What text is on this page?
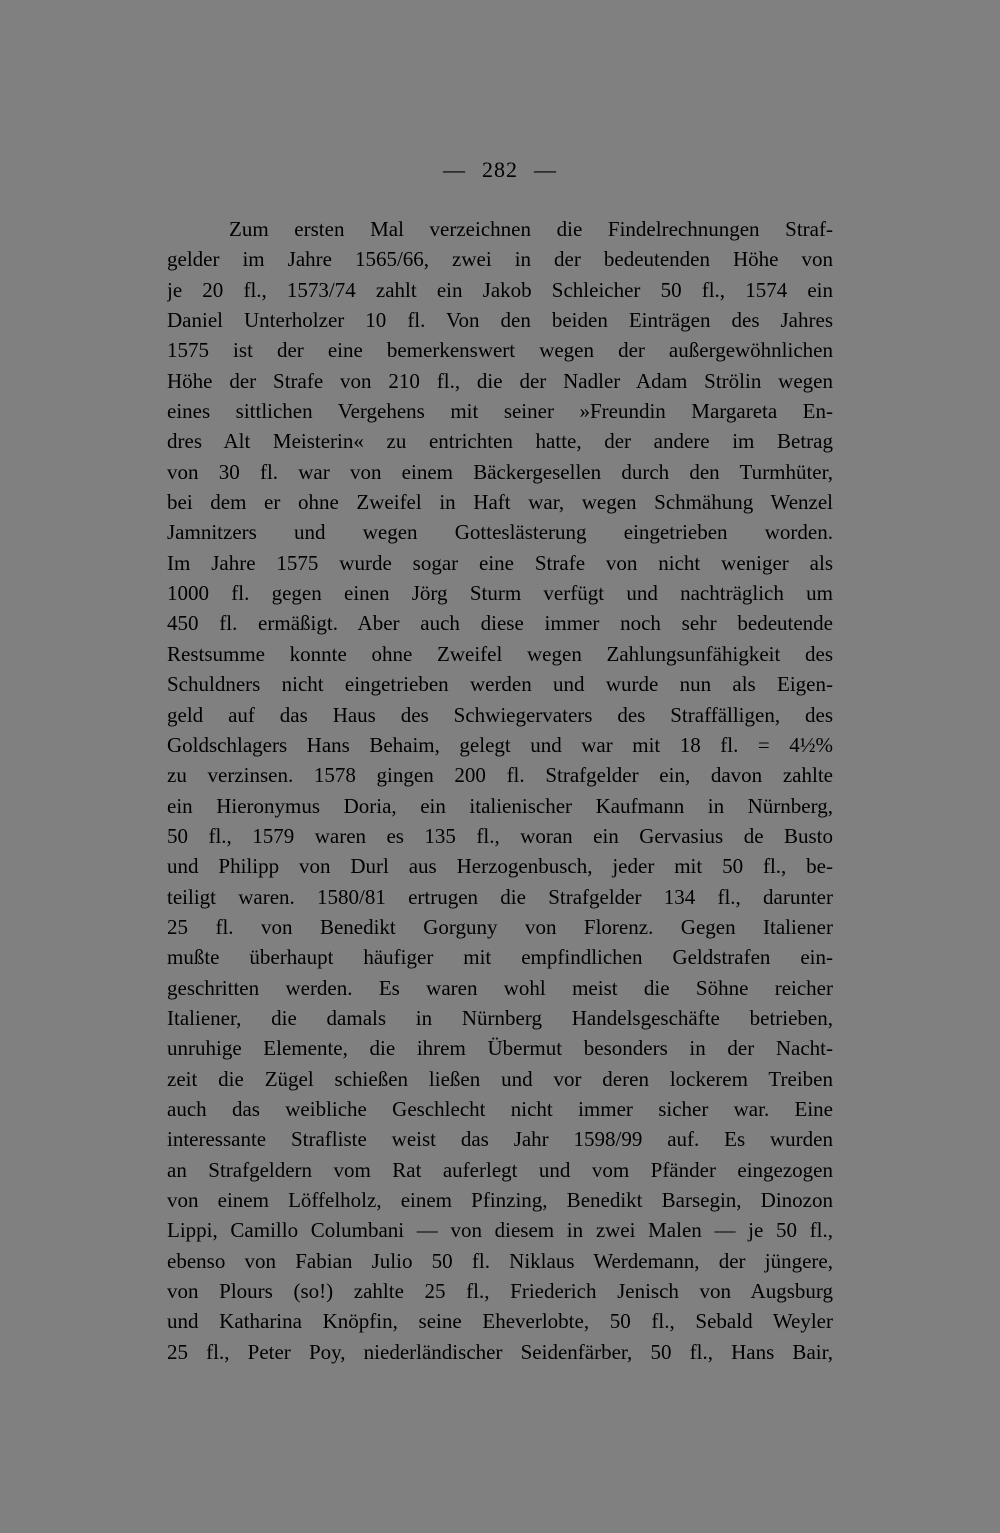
— 282 —
Zum ersten Mal verzeichnen die Findelrechnungen Straf-
gelder im Jahre 1565/66, zwei in der bedeutenden Höhe von
je 20 fl., 1573/74 zahlt ein Jakob Schleicher 50 fl., 1574 ein
Daniel Unterholzer 10 fl. Von den beiden Einträgen des Jahres
1575 ist der eine bemerkenswert wegen der außergewöhnlichen
Höhe der Strafe von 210 fl., die der Nadler Adam Strölin wegen
eines sittlichen Vergehens mit seiner »Freundin Margareta En-
dres Alt Meisterin« zu entrichten hatte, der andere im Betrag
von 30 fl. war von einem Bäckergesellen durch den Turmhüter,
bei dem er ohne Zweifel in Haft war, wegen Schmähung Wenzel
Jamnitzers und wegen Gotteslästerung eingetrieben worden.
Im Jahre 1575 wurde sogar eine Strafe von nicht weniger als
1000 fl. gegen einen Jörg Sturm verfügt und nachträglich um
450 fl. ermäßigt. Aber auch diese immer noch sehr bedeutende
Restsumme konnte ohne Zweifel wegen Zahlungsunfähigkeit des
Schuldners nicht eingetrieben werden und wurde nun als Eigen-
geld auf das Haus des Schwiegervaters des Straffälligen, des
Goldschlagers Hans Behaim, gelegt und war mit 18 fl. = 4½%
zu verzinsen. 1578 gingen 200 fl. Strafgelder ein, davon zahlte
ein Hieronymus Doria, ein italienischer Kaufmann in Nürnberg,
50 fl., 1579 waren es 135 fl., woran ein Gervasius de Busto
und Philipp von Durl aus Herzogenbusch, jeder mit 50 fl., be-
teiligt waren. 1580/81 ertrugen die Strafgelder 134 fl., darunter
25 fl. von Benedikt Gorguny von Florenz. Gegen Italiener
mußte überhaupt häufiger mit empfindlichen Geldstrafen ein-
geschritten werden. Es waren wohl meist die Söhne reicher
Italiener, die damals in Nürnberg Handelsgeschäfte betrieben,
unruhige Elemente, die ihrem Übermut besonders in der Nacht-
zeit die Zügel schießen ließen und vor deren lockerem Treiben
auch das weibliche Geschlecht nicht immer sicher war. Eine
interessante Strafliste weist das Jahr 1598/99 auf. Es wurden
an Strafgeldern vom Rat auferlegt und vom Pfänder eingezogen
von einem Löffelholz, einem Pfinzing, Benedikt Barsegin, Dinozon
Lippi, Camillo Columbani — von diesem in zwei Malen — je 50 fl.,
ebenso von Fabian Julio 50 fl. Niklaus Werdemann, der jüngere,
von Plours (so!) zahlte 25 fl., Friederich Jenisch von Augsburg
und Katharina Knöpfin, seine Eheverlobte, 50 fl., Sebald Weyler
25 fl., Peter Poy, niederländischer Seidenfärber, 50 fl., Hans Bair,
